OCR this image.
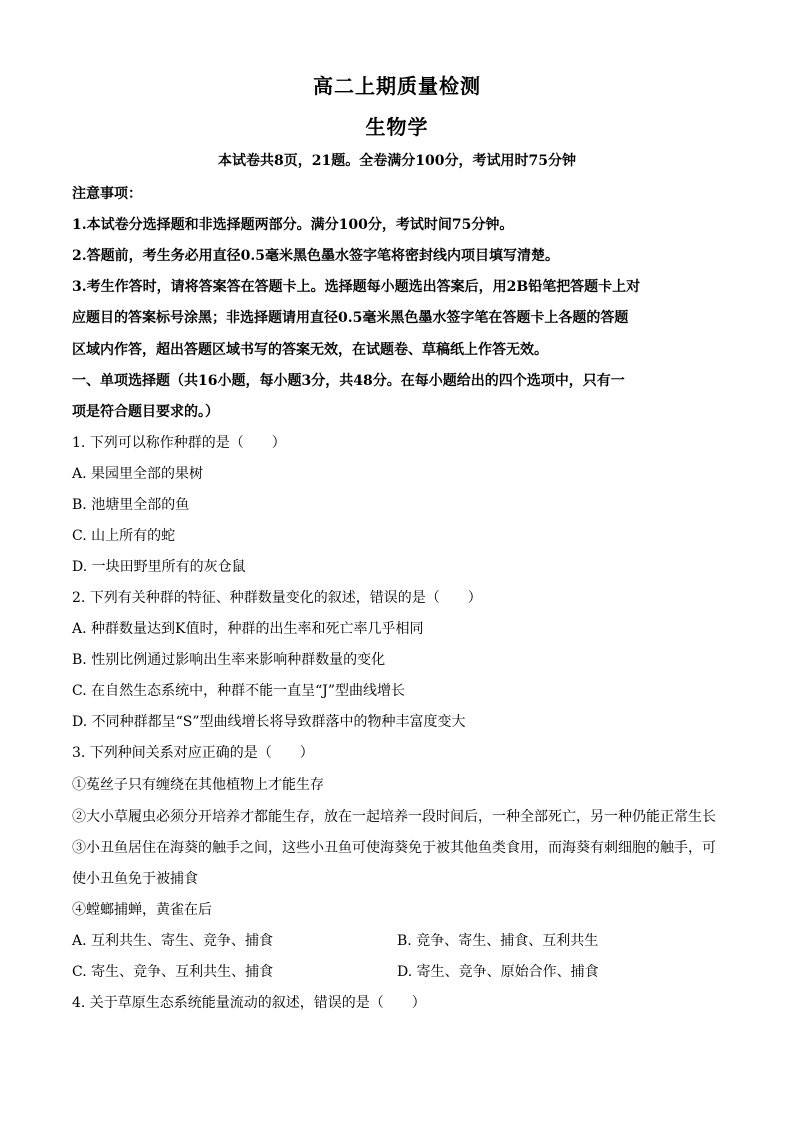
高二上期质量检测
生物学
本试卷共8页，21题。全卷满分100分，考试用时75分钟
注意事项：
1.本试卷分选择题和非选择题两部分。满分100分，考试时间75分钟。
2.答题前，考生务必用直径0.5毫米黑色墨水签字笔将密封线内项目填写清楚。
3.考生作答时，请将答案答在答题卡上。选择题每小题选出答案后，用2B铅笔把答题卡上对
应题目的答案标号涂黑；非选择题请用直径0.5毫米黑色墨水签字笔在答题卡上各题的答题
区域内作答，超出答题区域书写的答案无效，在试题卷、草稿纸上作答无效。
一、单项选择题（共16小题，每小题3分，共48分。在每小题给出的四个选项中，只有一
项是符合题目要求的。）
1. 下列可以称作种群的是（　　）
A. 果园里全部的果树
B. 池塘里全部的鱼
C. 山上所有的蛇
D. 一块田野里所有的灰仓鼠
2. 下列有关种群的特征、种群数量变化的叙述，错误的是（　　）
A. 种群数量达到K值时，种群的出生率和死亡率几乎相同
B. 性别比例通过影响出生率来影响种群数量的变化
C. 在自然生态系统中，种群不能一直呈“J”型曲线增长
D. 不同种群都呈“S”型曲线增长将导致群落中的物种丰富度变大
3. 下列种间关系对应正确的是（　　）
①菟丝子只有缠绕在其他植物上才能生存
②大小草履虫必须分开培养才都能生存，放在一起培养一段时间后，一种全部死亡，另一种仍能正常生长
③小丑鱼居住在海葵的触手之间，这些小丑鱼可使海葵免于被其他鱼类食用，而海葵有刺细胞的触手，可
使小丑鱼免于被捕食
④螳螂捕蝉，黄雀在后
A. 互利共生、寄生、竞争、捕食	B. 竞争、寄生、捕食、互利共生
C. 寄生、竞争、互利共生、捕食	D. 寄生、竞争、原始合作、捕食
4. 关于草原生态系统能量流动的叙述，错误的是（　　）
